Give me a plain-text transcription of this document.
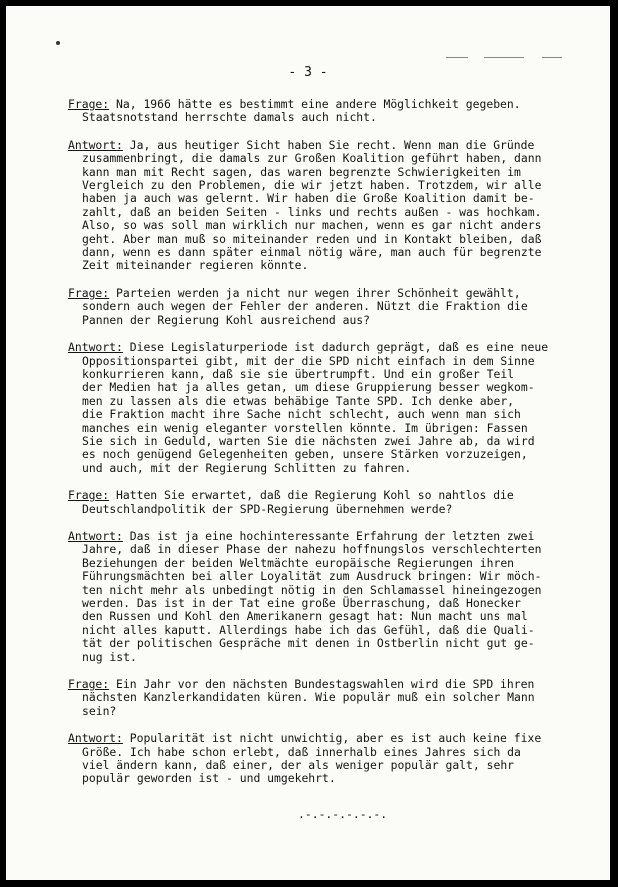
- 3 -
Frage: Na, 1966 hätte es bestimmt eine andere Möglichkeit gegeben.
Staatsnotstand herrschte damals auch nicht.
Antwort: Ja, aus heutiger Sicht haben Sie recht. Wenn man die Gründe
zusammenbringt, die damals zur Großen Koalition geführt haben, dann
kann man mit Recht sagen, das waren begrenzte Schwierigkeiten im
Vergleich zu den Problemen, die wir jetzt haben. Trotzdem, wir alle
haben ja auch was gelernt. Wir haben die Große Koalition damit be-
zahlt, daß an beiden Seiten - links und rechts außen - was hochkam.
Also, so was soll man wirklich nur machen, wenn es gar nicht anders
geht. Aber man muß so miteinander reden und in Kontakt bleiben, daß
dann, wenn es dann später einmal nötig wäre, man auch für begrenzte
Zeit miteinander regieren könnte.
Frage: Parteien werden ja nicht nur wegen ihrer Schönheit gewählt,
sondern auch wegen der Fehler der anderen. Nützt die Fraktion die
Pannen der Regierung Kohl ausreichend aus?
Antwort: Diese Legislaturperiode ist dadurch geprägt, daß es eine neue
Oppositionspartei gibt, mit der die SPD nicht einfach in dem Sinne
konkurrieren kann, daß sie sie übertrumpft. Und ein großer Teil
der Medien hat ja alles getan, um diese Gruppierung besser wegkom-
men zu lassen als die etwas behäbige Tante SPD. Ich denke aber,
die Fraktion macht ihre Sache nicht schlecht, auch wenn man sich
manches ein wenig eleganter vorstellen könnte. Im übrigen: Fassen
Sie sich in Geduld, warten Sie die nächsten zwei Jahre ab, da wird
es noch genügend Gelegenheiten geben, unsere Stärken vorzuzeigen,
und auch, mit der Regierung Schlitten zu fahren.
Frage: Hatten Sie erwartet, daß die Regierung Kohl so nahtlos die
Deutschlandpolitik der SPD-Regierung übernehmen werde?
Antwort: Das ist ja eine hochinteressante Erfahrung der letzten zwei
Jahre, daß in dieser Phase der nahezu hoffnungslos verschlechterten
Beziehungen der beiden Weltmächte europäische Regierungen ihren
Führungsmächten bei aller Loyalität zum Ausdruck bringen: Wir möch-
ten nicht mehr als unbedingt nötig in den Schlamassel hineingezogen
werden. Das ist in der Tat eine große Überraschung, daß Honecker
den Russen und Kohl den Amerikanern gesagt hat: Nun macht uns mal
nicht alles kaputt. Allerdings habe ich das Gefühl, daß die Quali-
tät der politischen Gespräche mit denen in Ostberlin nicht gut ge-
nug ist.
Frage: Ein Jahr vor den nächsten Bundestagswahlen wird die SPD ihren
nächsten Kanzlerkandidaten küren. Wie populär muß ein solcher Mann
sein?
Antwort: Popularität ist nicht unwichtig, aber es ist auch keine fixe
Größe. Ich habe schon erlebt, daß innerhalb eines Jahres sich da
viel ändern kann, daß einer, der als weniger populär galt, sehr
populär geworden ist - und umgekehrt.
.-.-.-.-.-.-.
